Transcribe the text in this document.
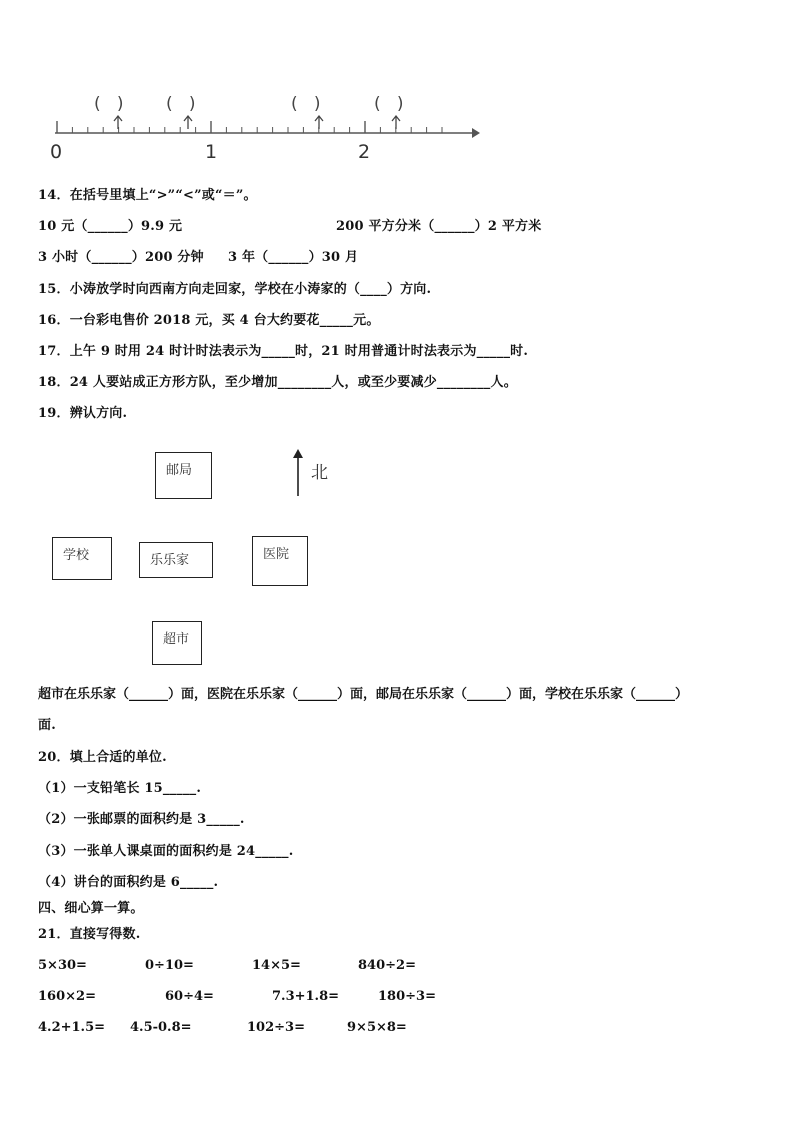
(   )	(   )	(   )	(   )
0	1	2
14．在括号里填上“>”“<”或“＝”。
10 元（______）9.9 元	200 平方分米（______）2 平方米
3 小时（______）200 分钟 3 年（______）30 月
15．小涛放学时向西南方向走回家，学校在小涛家的（____）方向.
16．一台彩电售价 2018 元，买 4 台大约要花_____元。
17．上午 9 时用 24 时计时法表示为_____时，21 时用普通计时法表示为_____时.
18．24 人要站成正方形方队，至少增加________人，或至少要减少________人。
19．辨认方向.
邮局	北
学校	乐乐家	医院
超市
超市在乐乐家（______）面，医院在乐乐家（______）面，邮局在乐乐家（______）面，学校在乐乐家（______）
面.
20．填上合适的单位.
（1）一支铅笔长 15_____.
（2）一张邮票的面积约是 3_____.
（3）一张单人课桌面的面积约是 24_____.
（4）讲台的面积约是 6_____.
四、细心算一算。
21．直接写得数.
5×30=	0÷10=	14×5=	840÷2=
160×2=	60÷4=	7.3+1.8=	180÷3=
4.2+1.5= 4.5-0.8=	102÷3=	9×5×8=
